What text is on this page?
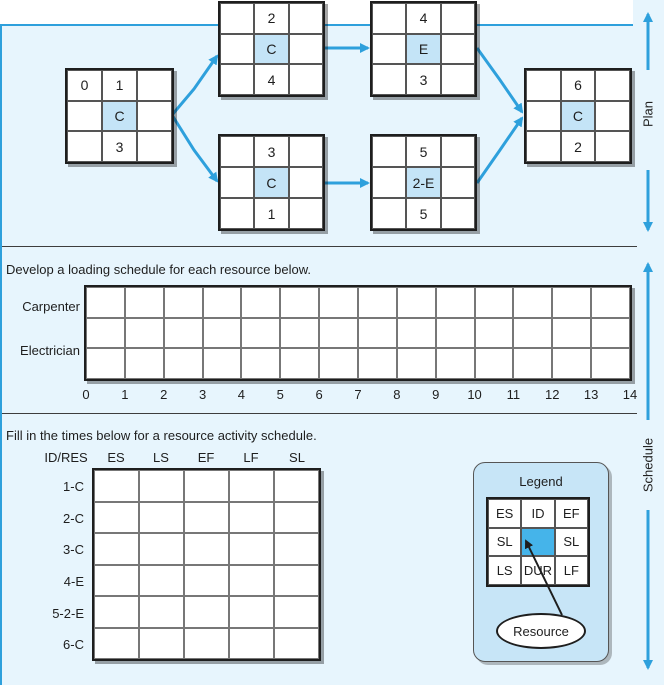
Plan
Schedule
0	1
C
3
2
C
4
3
C
1
4
E
3
5
2-E
5
6
C
2
Develop a loading schedule for each resource below.
Carpenter
Electrician
0 1 2 3 4 5 6 7 8 9 10 11 12 13 14
Fill in the times below for a resource activity schedule.
ID/RES ES LS EF LF SL
1-C
2-C
3-C
4-E
5-2-E
6-C
Legend
ES	ID	EF
SL	SL
LS DUR LF
Resource
